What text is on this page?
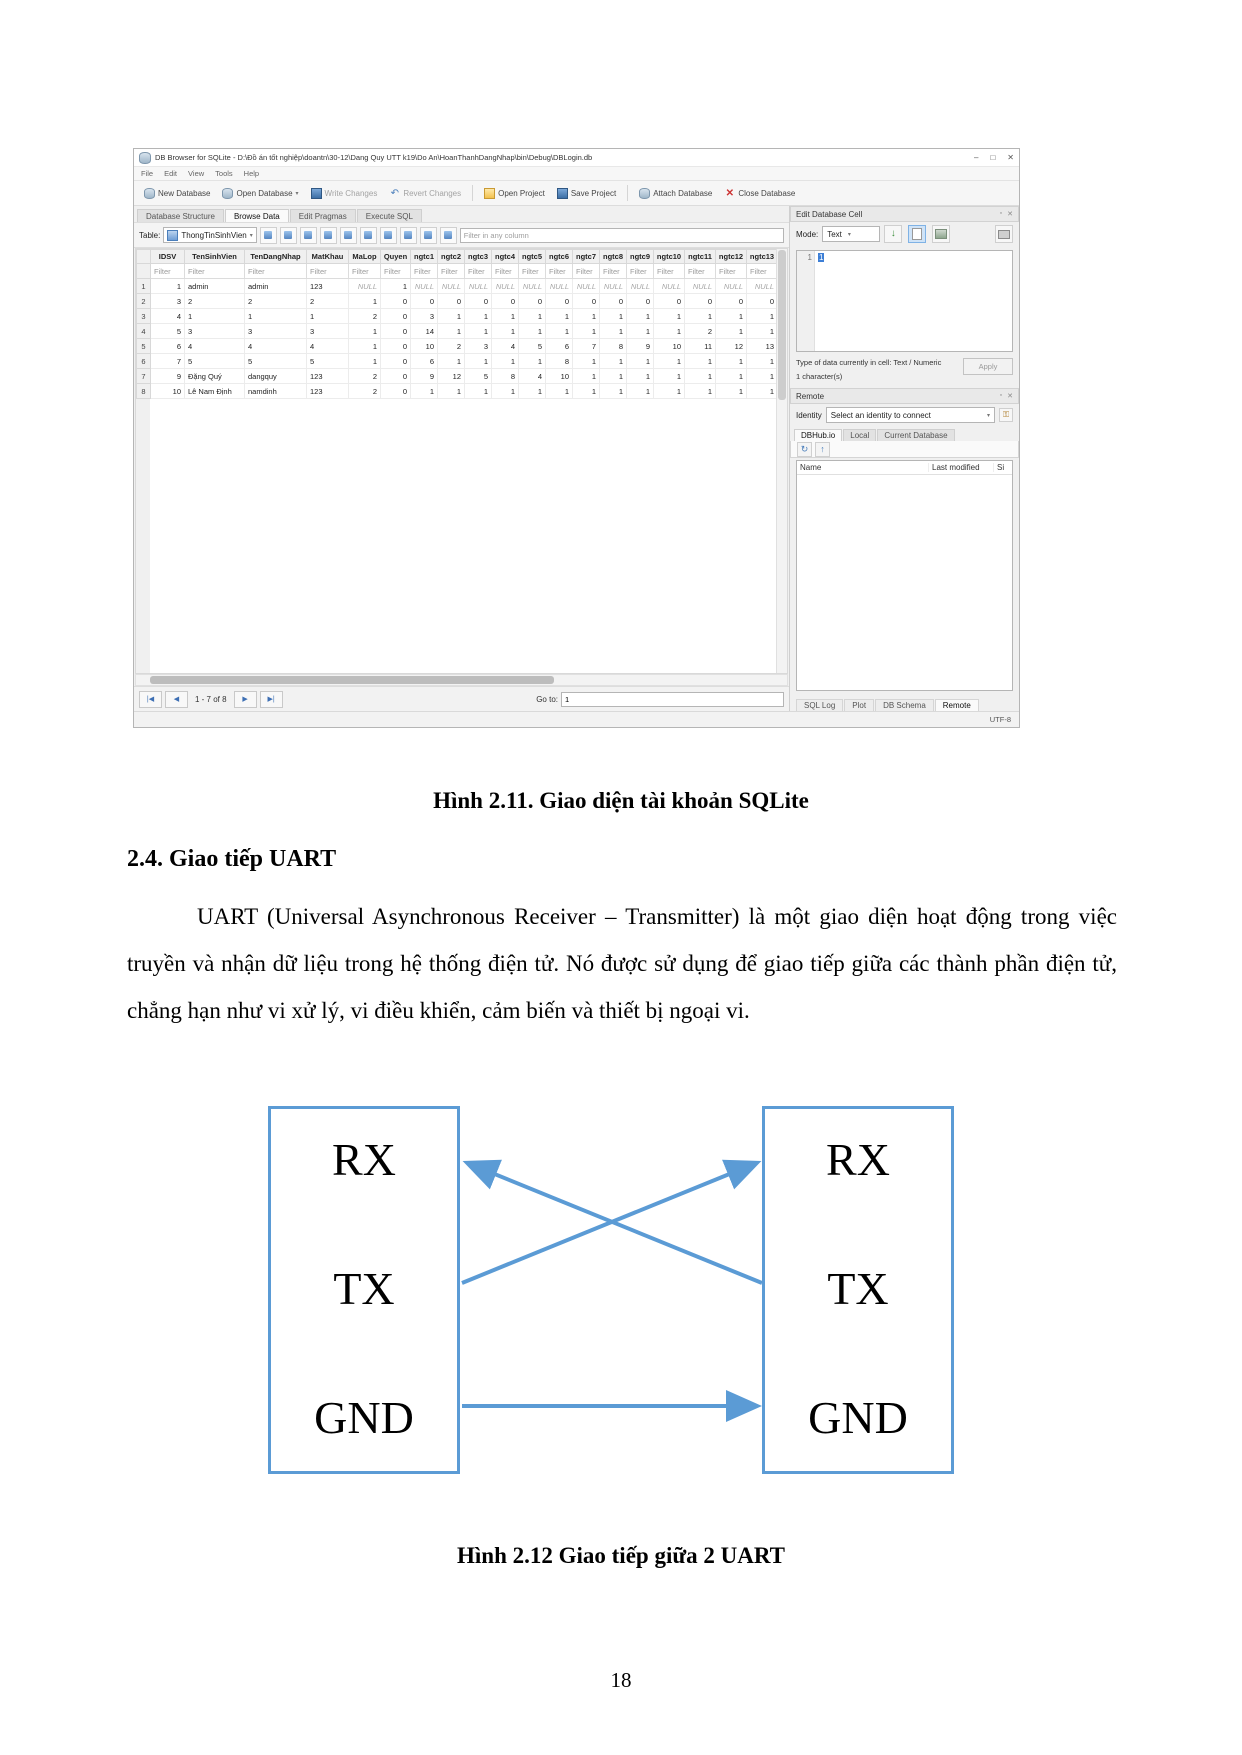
DB Browser for SQLite - D:\Đồ án tốt nghiệp\doantn\30-12\Dang Quy UTT k19\Do An\HoanThanhDangNhap\bin\Debug\DBLogin.db	– □ ✕
File Edit View Tools Help
New Database	Open Database ▾	Write Changes ↶ Revert Changes	Open Project	Save Project	Attach Database ✕ Close Database
Database Structure	Browse Data	Edit Pragmas	Execute SQL
Table:	ThongTinSinhVien ▾
Filter in any column
	IDSV	TenSinhVien	TenDangNhap	MatKhau	MaLop	Quyen	ngtc1	ngtc2	ngtc3	ngtc4	ngtc5	ngtc6	ngtc7	ngtc8	ngtc9	ngtc10	ngtc11	ngtc12	ngtc13	
	Filter	Filter	Filter	Filter	Filter	Filter	Filter	Filter	Filter	Filter	Filter	Filter	Filter	Filter	Filter	Filter	Filter	Filter	Filter	
1	1	admin	admin	123	NULL	1	NULL	NULL	NULL	NULL	NULL	NULL	NULL	NULL	NULL	NULL	NULL	NULL	NULL	
2	3	2	2	2	1	0	0	0	0	0	0	0	0	0	0	0	0	0	0	
3	4	1	1	1	2	0	3	1	1	1	1	1	1	1	1	1	1	1	1	
4	5	3	3	3	1	0	14	1	1	1	1	1	1	1	1	1	2	1	1	
5	6	4	4	4	1	0	10	2	3	4	5	6	7	8	9	10	11	12	13	
6	7	5	5	5	1	0	6	1	1	1	1	8	1	1	1	1	1	1	1	
7	9	Đặng Quý	dangquy	123	2	0	9	12	5	8	4	10	1	1	1	1	1	1	1	
8	10	Lê Nam Định	namdinh	123	2	0	1	1	1	1	1	1	1	1	1	1	1	1	1	
|◀	◀	1 - 7 of 8	▶	▶|	Go to:
1
Edit Database Cell	▫ ✕
Mode: Text ▾	↓
1 1
Type of data currently in cell: Text / Numeric
1 character(s)
Apply
Remote	▫ ✕
Identity Select an identity to connect	▾	⚿
DBHub.io	Local	Current Database
↻	↑
Name	Last modified	Si
SQL Log	Plot	DB Schema	Remote
UTF-8
Hình 2.11. Giao diện tài khoản SQLite
2.4. Giao tiếp UART
UART (Universal Asynchronous Receiver – Transmitter) là một giao diện hoạt động trong việc truyền và nhận dữ liệu trong hệ thống điện tử. Nó được sử dụng để giao tiếp giữa các thành phần điện tử, chẳng hạn như vi xử lý, vi điều khiển, cảm biến và thiết bị ngoại vi.
RX
TX
GND
RX
TX
GND
Hình 2.12 Giao tiếp giữa 2 UART
18
